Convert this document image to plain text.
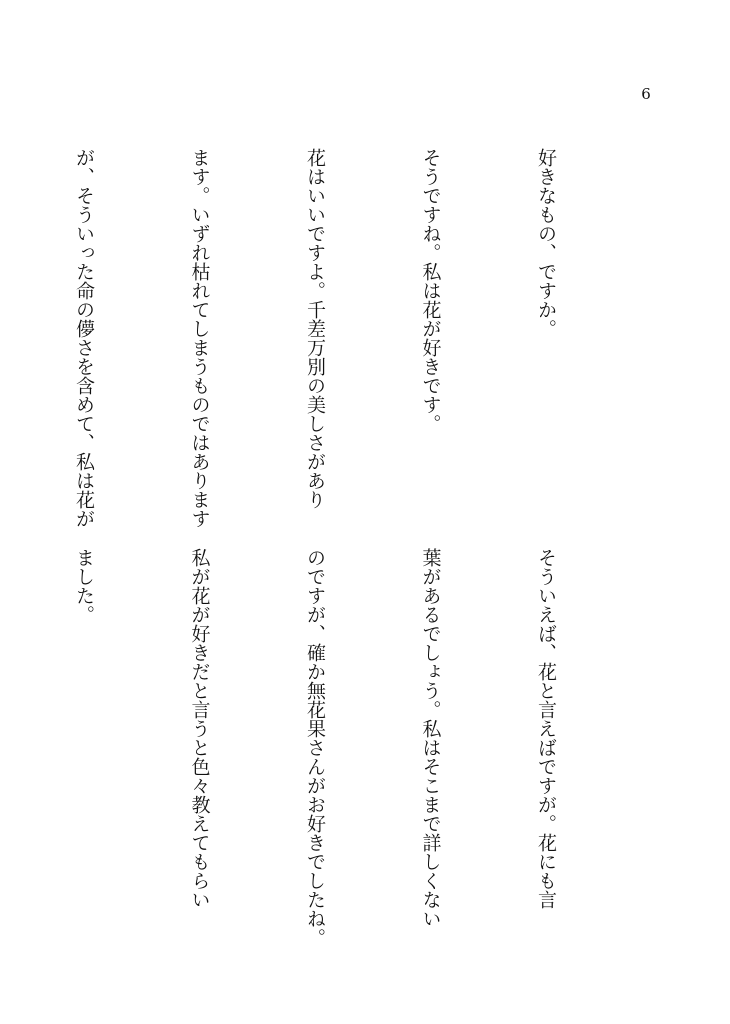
6

好きなもの、ですか。

そうですね。私は花が好きです。

花はいいですよ。千差万別の美しさがあり

ます。いずれ枯れてしまうものではあります

が、そういった命の儚さを含めて、私は花が

そういえば、花と言えばですが。花にも言

葉があるでしょう。私はそこまで詳しくない

のですが、確か無花果さんがお好きでしたね。

私が花が好きだと言うと色々教えてもらい

ました。
